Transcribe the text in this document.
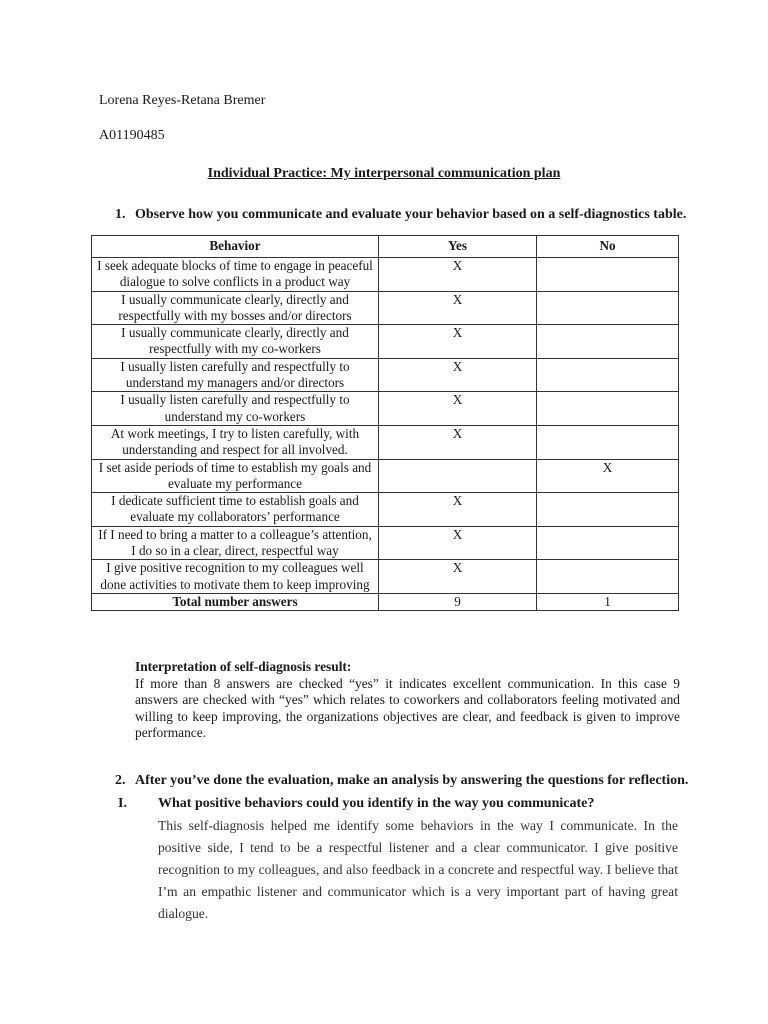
Lorena Reyes-Retana Bremer
A01190485
Individual Practice: My interpersonal communication plan
1. Observe how you communicate and evaluate your behavior based on a self-diagnostics table.
Behavior	Yes	No
I seek adequate blocks of time to engage in peaceful dialogue to solve conflicts in a product way	X	
I usually communicate clearly, directly and respectfully with my bosses and/or directors	X	
I usually communicate clearly, directly and respectfully with my co-workers	X	
I usually listen carefully and respectfully to understand my managers and/or directors	X	
I usually listen carefully and respectfully to understand my co-workers	X	
At work meetings, I try to listen carefully, with understanding and respect for all involved.	X	
I set aside periods of time to establish my goals and evaluate my performance		X
I dedicate sufficient time to establish goals and evaluate my collaborators’ performance	X	
If I need to bring a matter to a colleague’s attention, I do so in a clear, direct, respectful way	X	
I give positive recognition to my colleagues well done activities to motivate them to keep improving	X	
Total number answers	9	1
Interpretation of self-diagnosis result:

If more than 8 answers are checked “yes” it indicates excellent communication. In this case 9 answers are checked with “yes” which relates to coworkers and collaborators feeling motivated and willing to keep improving, the organizations objectives are clear, and feedback is given to improve performance.

2. After you’ve done the evaluation, make an analysis by answering the questions for reflection.
I. What positive behaviors could you identify in the way you communicate?
This self-diagnosis helped me identify some behaviors in the way I communicate. In the positive side, I tend to be a respectful listener and a clear communicator. I give positive recognition to my colleagues, and also feedback in a concrete and respectful way. I believe that I’m an empathic listener and communicator which is a very important part of having great dialogue.
